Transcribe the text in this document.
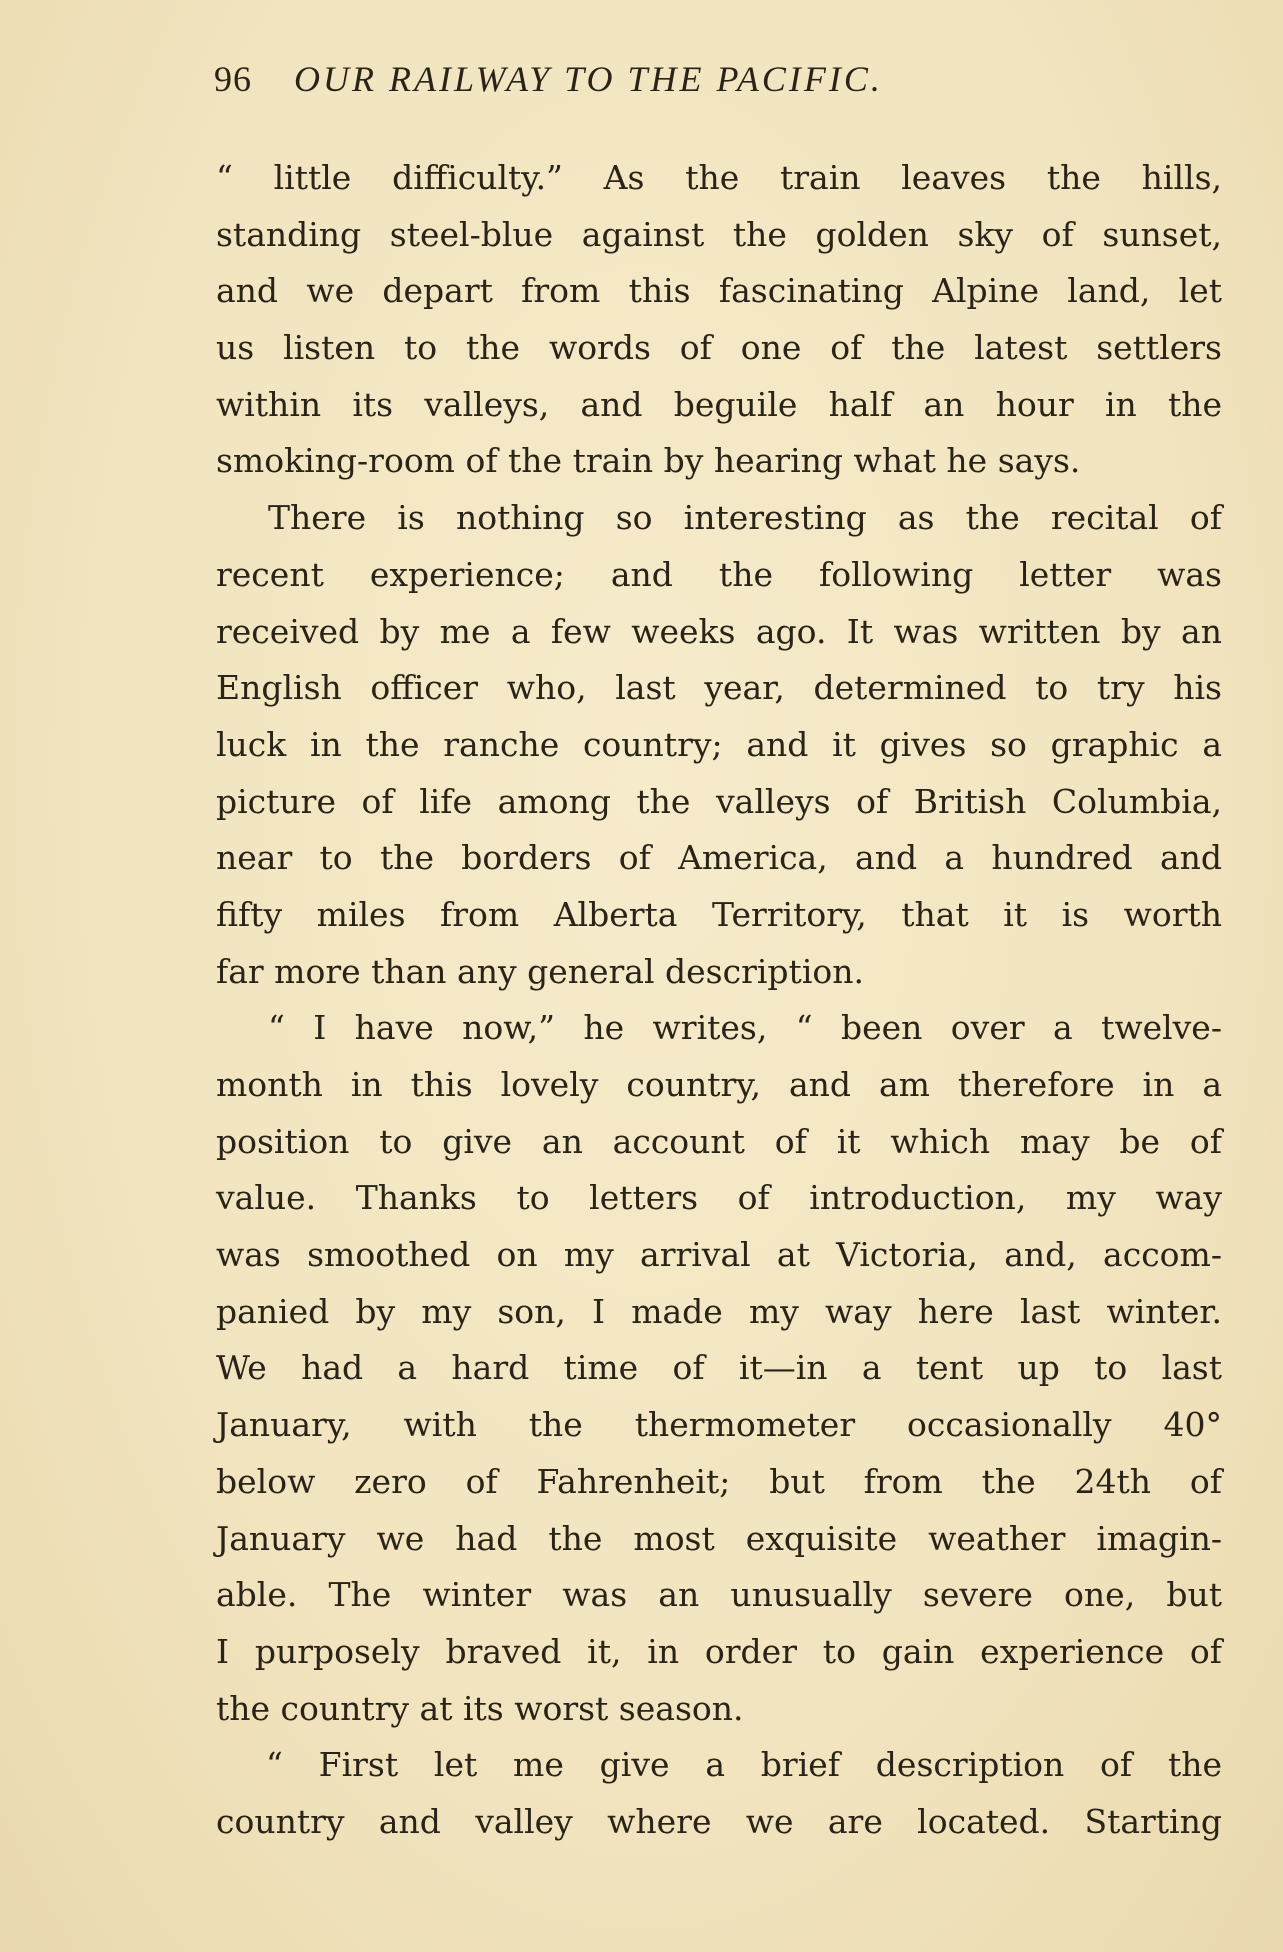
96	OUR RAILWAY TO THE PACIFIC.
“ little difficulty.” As the train leaves the hills,
standing steel-blue against the golden sky of sunset,
and we depart from this fascinating Alpine land, let
us listen to the words of one of the latest settlers
within its valleys, and beguile half an hour in the
smoking-room of the train by hearing what he says.
There is nothing so interesting as the recital of
recent experience; and the following letter was
received by me a few weeks ago. It was written by an
English officer who, last year, determined to try his
luck in the ranche country; and it gives so graphic a
picture of life among the valleys of British Columbia,
near to the borders of America, and a hundred and
fifty miles from Alberta Territory, that it is worth
far more than any general description.
“ I have now,” he writes, “ been over a twelve-
month in this lovely country, and am therefore in a
position to give an account of it which may be of
value. Thanks to letters of introduction, my way
was smoothed on my arrival at Victoria, and, accom-
panied by my son, I made my way here last winter.
We had a hard time of it—in a tent up to last
January, with the thermometer occasionally 40°
below zero of Fahrenheit; but from the 24th of
January we had the most exquisite weather imagin-
able. The winter was an unusually severe one, but
I purposely braved it, in order to gain experience of
the country at its worst season.
“ First let me give a brief description of the
country and valley where we are located. Starting
